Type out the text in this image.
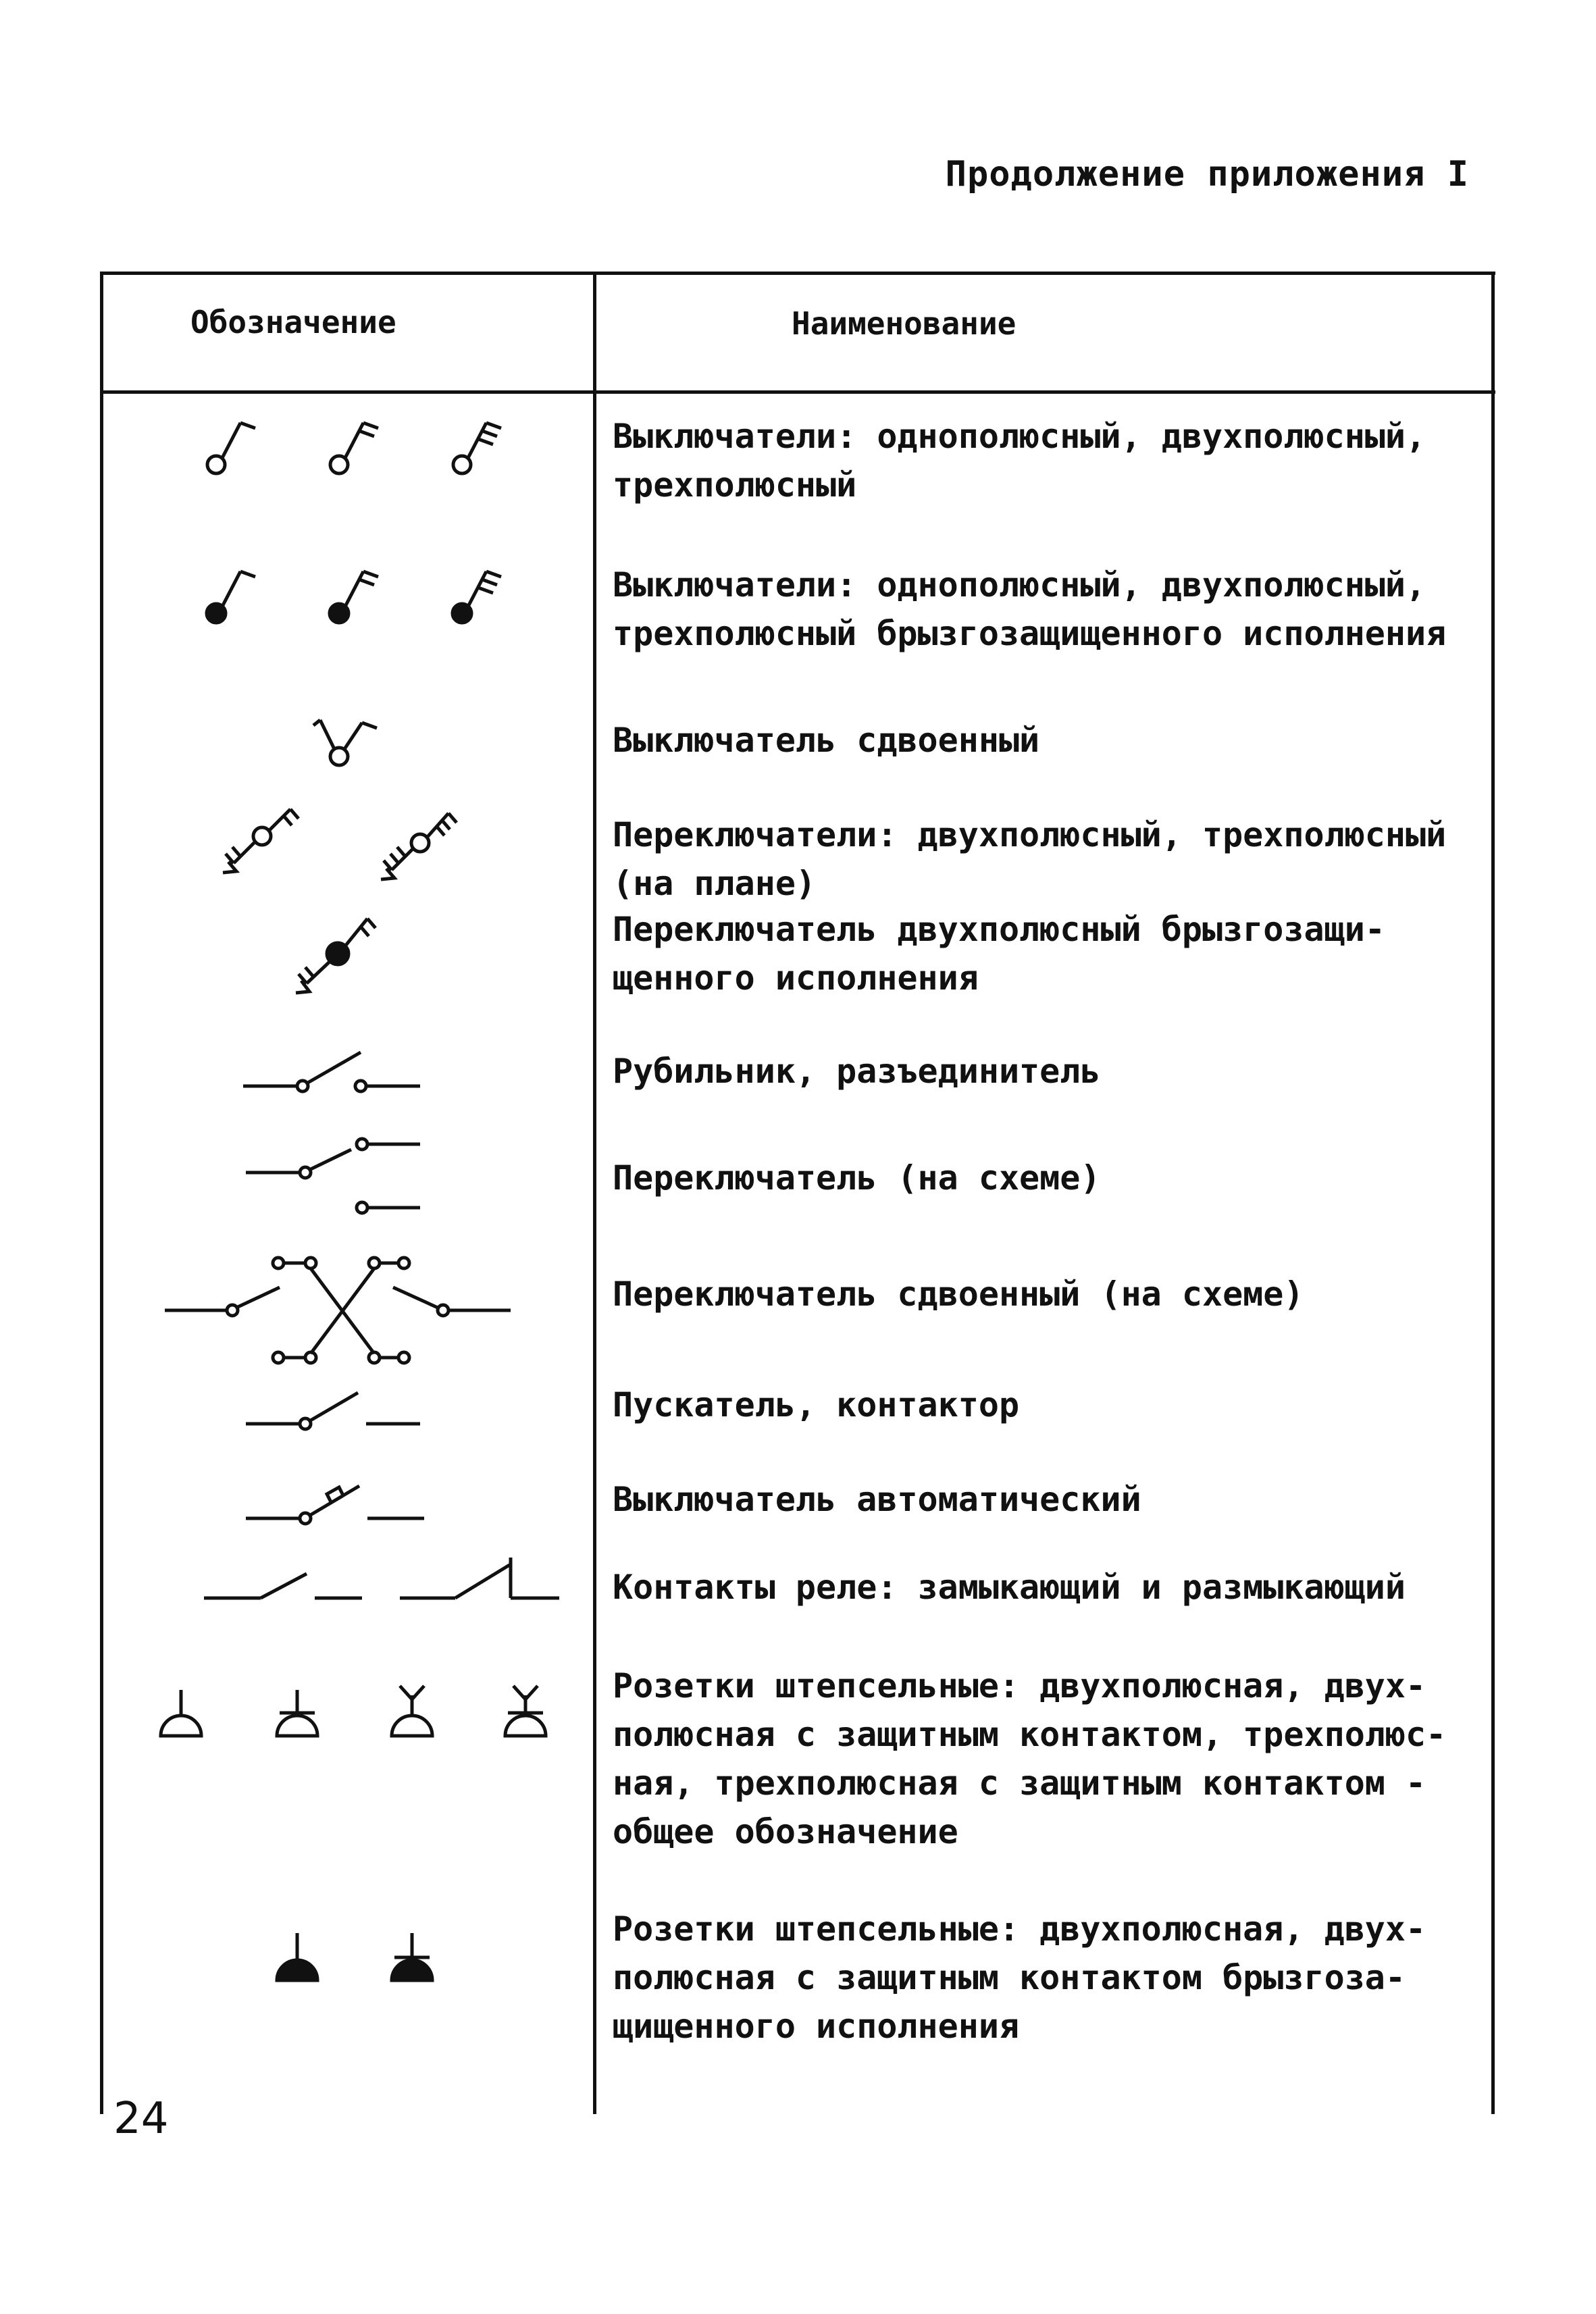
Продолжение приложения I
Обозначение	Наименование
Выключатели: однополюсный, двухполюсный,
трехполюсный
Выключатели: однополюсный, двухполюсный,
трехполюсный брызгозащищенного исполнения
Выключатель сдвоенный
Переключатели: двухполюсный, трехполюсный
(на плане)
Переключатель двухполюсный брызгозащи-
щенного исполнения
Рубильник, разъединитель
Переключатель (на схеме)
Переключатель сдвоенный (на схеме)
Пускатель, контактор
Выключатель автоматический
Контакты реле: замыкающий и размыкающий
Розетки штепсельные: двухполюсная, двух-
полюсная с защитным контактом, трехполюс-
ная, трехполюсная с защитным контактом -
общее обозначение
Розетки штепсельные: двухполюсная, двух-
полюсная с защитным контактом брызгоза-
щищенного исполнения
24
